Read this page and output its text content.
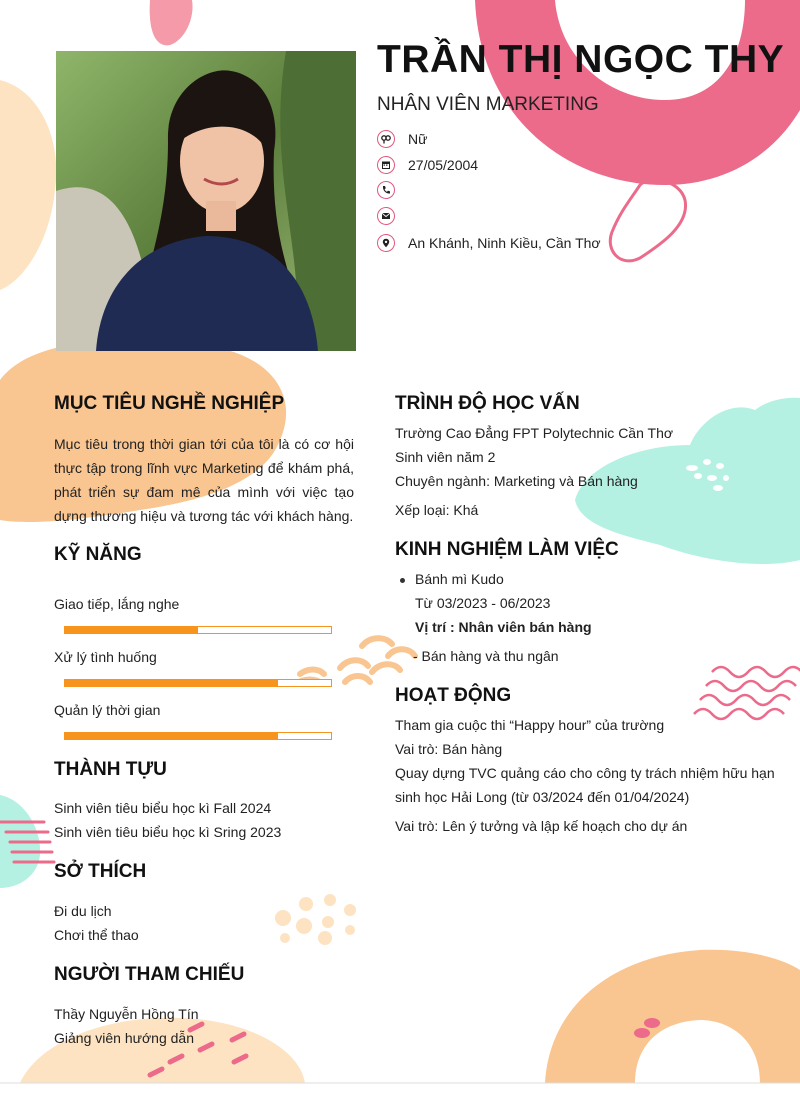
TRẦN THỊ NGỌC THY
NHÂN VIÊN MARKETING
Nữ
27/05/2004
An Khánh, Ninh Kiều, Cần Thơ
MỤC TIÊU NGHỀ NGHIỆP
Mục tiêu trong thời gian tới của tôi là có cơ hội thực tập trong lĩnh vực Marketing để khám phá, phát triển sự đam mê của mình với việc tạo dựng thương hiệu và tương tác với khách hàng.
KỸ NĂNG
Giao tiếp, lắng nghe
Xử lý tình huống
Quản lý thời gian
THÀNH TỰU
Sinh viên tiêu biểu học kì Fall 2024
Sinh viên tiêu biểu học kì Sring 2023
SỞ THÍCH
Đi du lịch
Chơi thể thao
NGƯỜI THAM CHIẾU
Thầy Nguyễn Hồng Tín
Giảng viên hướng dẫn
TRÌNH ĐỘ HỌC VẤN
Trường Cao Đẳng FPT Polytechnic Cần Thơ
Sinh viên năm 2
Chuyên ngành: Marketing và Bán hàng
Xếp loại: Khá
KINH NGHIỆM LÀM VIỆC
Bánh mì Kudo
Từ 03/2023 - 06/2023
Vị trí : Nhân viên bán hàng
- Bán hàng và thu ngân
HOẠT ĐỘNG
Tham gia cuộc thi “Happy hour” của trường
Vai trò: Bán hàng
Quay dựng TVC quảng cáo cho công ty trách nhiệm hữu hạn
sinh học Hải Long (từ 03/2024 đến 01/04/2024)
Vai trò: Lên ý tưởng và lập kế hoạch cho dự án
